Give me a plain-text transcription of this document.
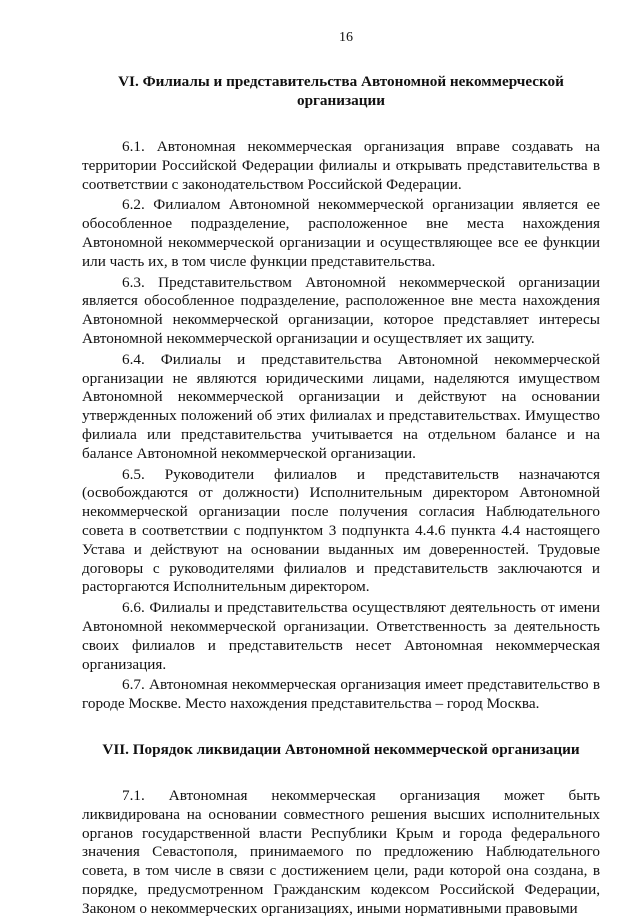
16
VI. Филиалы и представительства Автономной некоммерческой
организации

6.1. Автономная некоммерческая организация вправе создавать на территории Российской Федерации филиалы и открывать представительства в соответствии с законодательством Российской Федерации.

6.2. Филиалом Автономной некоммерческой организации является ее обособленное подразделение, расположенное вне места нахождения Автономной некоммерческой организации и осуществляющее все ее функции или часть их, в том числе функции представительства.

6.3. Представительством Автономной некоммерческой организации является обособленное подразделение, расположенное вне места нахождения Автономной некоммерческой организации, которое представляет интересы Автономной некоммерческой организации и осуществляет их защиту.

6.4. Филиалы и представительства Автономной некоммерческой организации не являются юридическими лицами, наделяются имуществом Автономной некоммерческой организации и действуют на основании утвержденных положений об этих филиалах и представительствах. Имущество филиала или представительства учитывается на отдельном балансе и на балансе Автономной некоммерческой организации.

6.5. Руководители филиалов и представительств назначаются (освобождаются от должности) Исполнительным директором Автономной некоммерческой организации после получения согласия Наблюдательного совета в соответствии с подпунктом 3 подпункта 4.4.6 пункта 4.4 настоящего Устава и действуют на основании выданных им доверенностей. Трудовые договоры с руководителями филиалов и представительств заключаются и расторгаются Исполнительным директором.

6.6. Филиалы и представительства осуществляют деятельность от имени Автономной некоммерческой организации. Ответственность за деятельность своих филиалов и представительств несет Автономная некоммерческая организация.

6.7. Автономная некоммерческая организация имеет представительство в городе Москве. Место нахождения представительства – город Москва.

VII. Порядок ликвидации Автономной некоммерческой организации

7.1. Автономная некоммерческая организация может быть ликвидирована на основании совместного решения высших исполнительных органов государственной власти Республики Крым и города федерального значения Севастополя, принимаемого по предложению Наблюдательного совета, в том числе в связи с достижением цели, ради которой она создана, в порядке, предусмотренном Гражданским кодексом Российской Федерации, Законом о некоммерческих организациях, иными нормативными правовыми
